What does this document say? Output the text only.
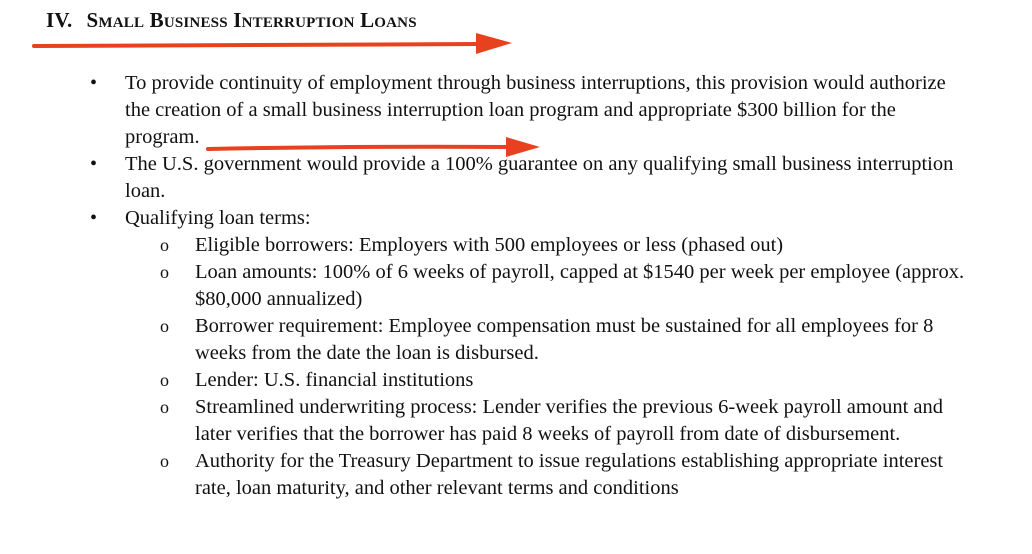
IV. Small Business Interruption Loans
• To provide continuity of employment through business interruptions, this provision would authorize the creation of a small business interruption loan program and appropriate $300 billion for the program.
• The U.S. government would provide a 100% guarantee on any qualifying small business interruption loan.
• Qualifying loan terms:
o Eligible borrowers: Employers with 500 employees or less (phased out)
o Loan amounts: 100% of 6 weeks of payroll, capped at $1540 per week per employee (approx. $80,000 annualized)
o Borrower requirement: Employee compensation must be sustained for all employees for 8 weeks from the date the loan is disbursed.
o Lender: U.S. financial institutions
o Streamlined underwriting process: Lender verifies the previous 6-week payroll amount and later verifies that the borrower has paid 8 weeks of payroll from date of disbursement.
o Authority for the Treasury Department to issue regulations establishing appropriate interest rate, loan maturity, and other relevant terms and conditions
